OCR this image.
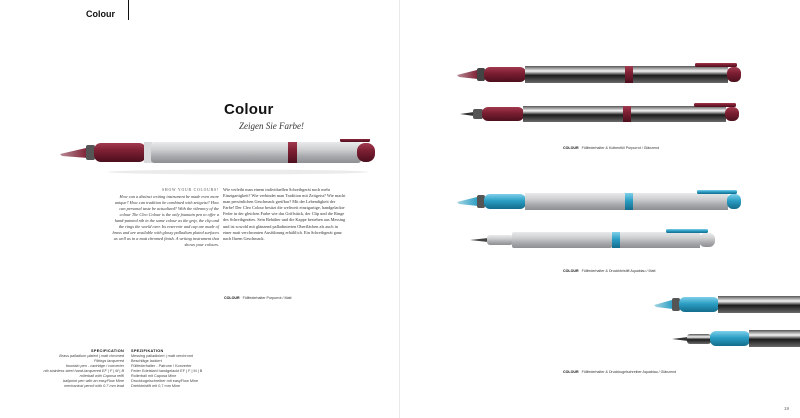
Colour
Colour
Zeigen Sie Farbe!
SHOW YOUR COLOURS!
How can a distinct writing instrument be made even more unique? How can tradition be combined with zeitgeist? How can personal taste be actualized? With the vibrancy of the colour The Cleo Colour is the only fountain pen to offer a hand-painted nib in the same colour as the grip, the clip and the rings the world over. Its reservoir and cap are made of brass and are available with glossy palladium plated surfaces as well as in a matt chromed finish. A writing instrument that shows your colours.
Wie verleiht man einem individuellen Schreibgerät noch mehr Einzigartigkeit? Wie verbindet man Tradition mit Zeitgeist? Wie macht man persönlichen Geschmack greifbar? Mit der Lebendigkeit der Farbe! Der Cleo Colour besitzt die weltweit einzigartige, handgelackte Feder in der gleichen Farbe wie das Griffstück, der Clip und die Ringe des Schreibgerätes. Sein Behälter und die Kappe bestehen aus Messing und ist sowohl mit glänzend palladinierten Oberflächen als auch in einer matt verchromten Ausführung erhältlich. Ein Schreibgerät ganz nach Ihrem Geschmack.
COLOUR Füllfederhalter Purpurrot / Matt
COLOUR Füllfederhalter & Kolbenfüll Purpurrot / Glänzend
COLOUR Füllfederhalter & Druckbleistift Aquablau / Matt
COLOUR Füllfederhalter & Druckkugelschreiber Aquablau / Glänzend
SPECIFICATION
Brass palladium plated | matt chromed
Fittings lacquered
fountain pen - cartridge / converter
nib stainless steel hand-lacquered EF | F | M | B
rollerball with Caposa refill
ballpoint pen with an easyFlow Mine
mechanical pencil with 0.7 mm lead
SPEZIFIKATION
Messing palladiniert | matt verchromt
Beschläge lackiert
Füllfederhalter - Patrone / Konverter
Feder Edelstahl handgelackt EF | F | M | B
Rollerball mit Caposa Mine
Druckkugelschreiber mit easyFlow Mine
Drehbleistift mit 0,7 mm Mine
19
